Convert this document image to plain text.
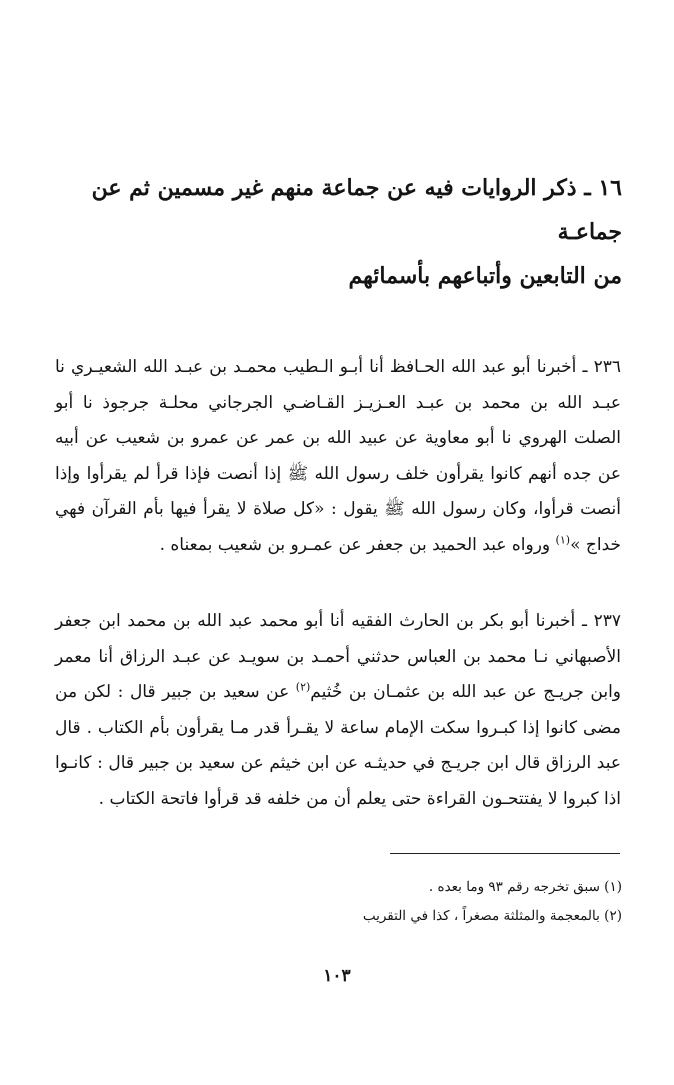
١٦ ـ ذكر الروايات فيه عن جماعة منهم غير مسمين ثم عن جماعـة
من التابعين وأتباعهم بأسمائهم
٢٣٦ ـ أخبرنا أبو عبد الله الحـافظ أنا أبـو الـطيب محمـد بن عبـد الله الشعيـري نا عبـد الله بن محمد بن عبـد العـزيـز القـاضـي الجرجاني محلـة جرجوذ نا أبو الصلت الهروي نا أبو معاوية عن عبيد الله بن عمر عن عمرو بن شعيب عن أبيه عن جده أنهم كانوا يقرأون خلف رسول الله ﷺ إذا أنصت فإذا قرأ لم يقرأوا وإذا أنصت قرأوا، وكان رسول الله ﷺ يقول : «كل صلاة لا يقرأ فيها بأم القرآن فهي خداج »$^{(١)}$ ورواه عبد الحميد بن جعفر عن عمـرو بن شعيب بمعناه .
٢٣٧ ـ أخبرنا أبو بكر بن الحارث الفقيه أنا أبو محمد عبد الله بن محمد ابن جعفر الأصبهاني نـا محمد بن العباس حدثني أحمـد بن سويـد عن عبـد الرزاق أنا معمر وابن جريـج عن عبد الله بن عثمـان بن خُثيم$^{(٢)}$ عن سعيد بن جبير قال : لكن من مضى كانوا إذا كبـروا سكت الإمام ساعة لا يقـرأ قدر مـا يقرأون بأم الكتاب . قال عبد الرزاق قال ابن جريـج في حديثـه عن ابن خيثم عن سعيد بن جبير قال : كانـوا اذا كبروا لا يفتتحـون القراءة حتى يعلم أن من خلفه قد قرأوا فاتحة الكتاب .
(١) سبق تخرجه رقم ٩٣ وما بعده .
(٢) بالمعجمة والمثلثة مصغراً ، كذا في التقريب
١٠٣
